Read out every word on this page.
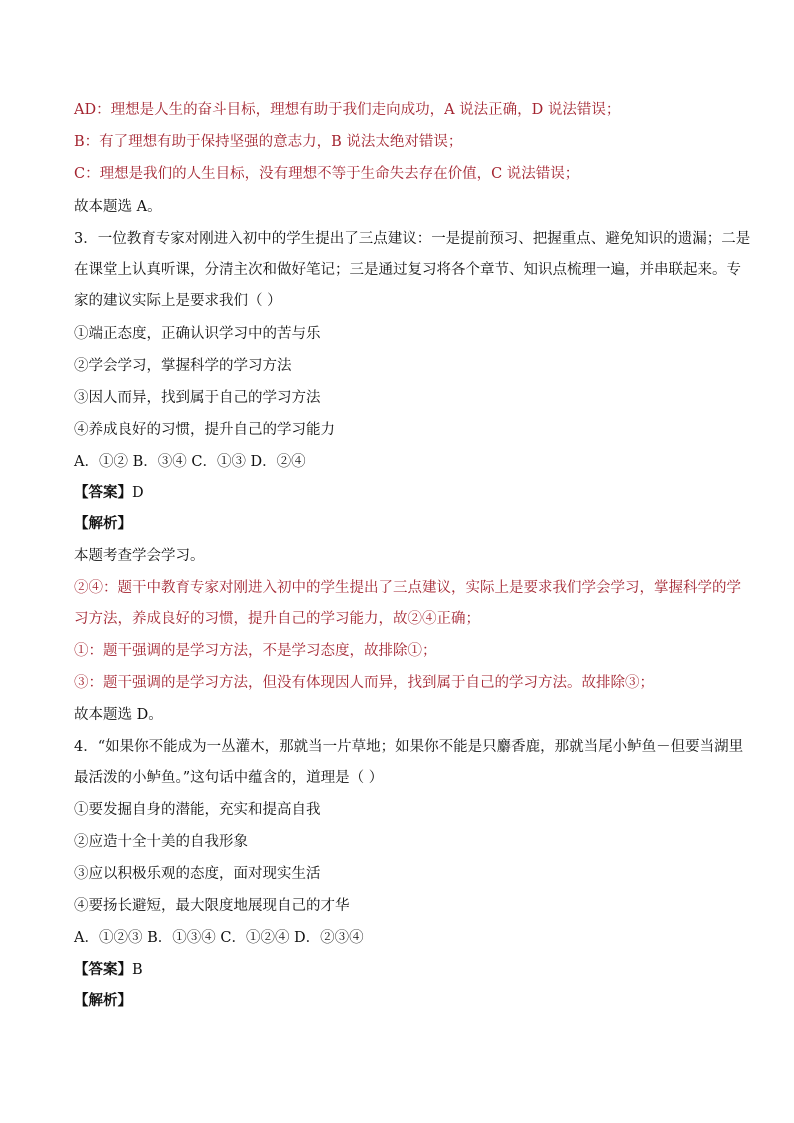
AD：理想是人生的奋斗目标，理想有助于我们走向成功，A 说法正确，D 说法错误；
B：有了理想有助于保持坚强的意志力，B 说法太绝对错误；
C：理想是我们的人生目标，没有理想不等于生命失去存在价值，C 说法错误；
故本题选 A。
3．一位教育专家对刚进入初中的学生提出了三点建议：一是提前预习、把握重点、避免知识的遗漏；二是
在课堂上认真听课，分清主次和做好笔记；三是通过复习将各个章节、知识点梳理一遍，并串联起来。专
家的建议实际上是要求我们（ ）
①端正态度，正确认识学习中的苦与乐
②学会学习，掌握科学的学习方法
③因人而异，找到属于自己的学习方法
④养成良好的习惯，提升自己的学习能力
A．①② B．③④ C．①③ D．②④
【答案】D
【解析】
本题考查学会学习。
②④：题干中教育专家对刚进入初中的学生提出了三点建议，实际上是要求我们学会学习，掌握科学的学
习方法，养成良好的习惯，提升自己的学习能力，故②④正确；
①：题干强调的是学习方法，不是学习态度，故排除①；
③：题干强调的是学习方法，但没有体现因人而异，找到属于自己的学习方法。故排除③；
故本题选 D。
4．“如果你不能成为一丛灌木，那就当一片草地；如果你不能是只麝香鹿，那就当尾小鲈鱼－但要当湖里
最活泼的小鲈鱼。”这句话中蕴含的，道理是（ ）
①要发掘自身的潜能，充实和提高自我
②应造十全十美的自我形象
③应以积极乐观的态度，面对现实生活
④要扬长避短，最大限度地展现自己的才华
A．①②③ B．①③④ C．①②④ D．②③④
【答案】B
【解析】
